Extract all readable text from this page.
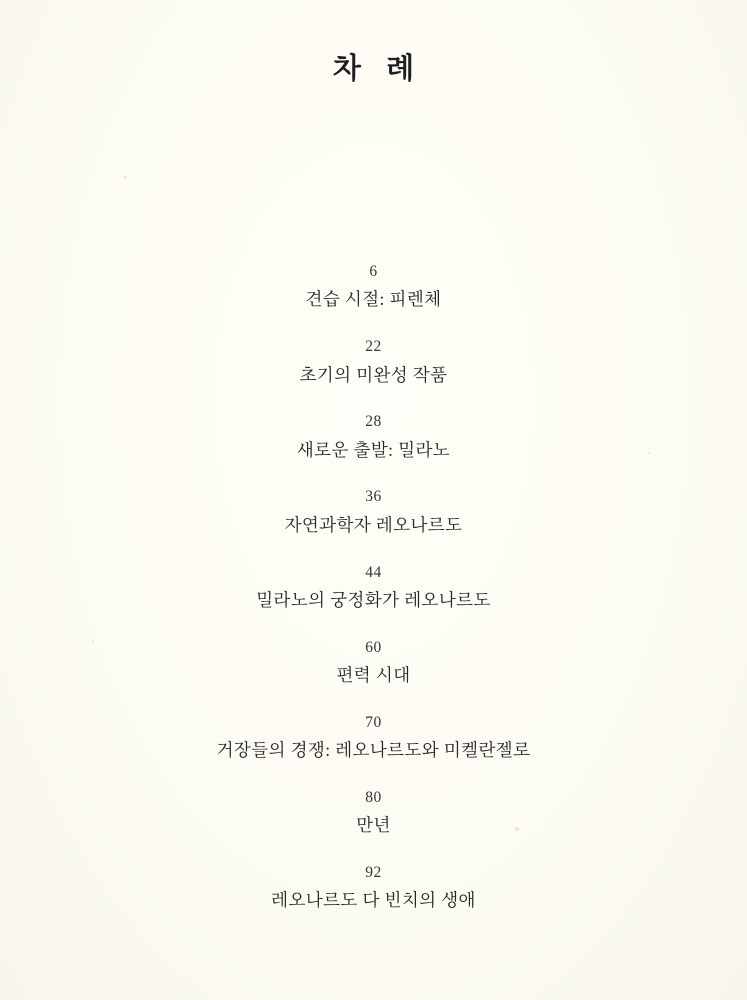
차 례
6
견습 시절: 피렌체
22
초기의 미완성 작품
28
새로운 출발: 밀라노
36
자연과학자 레오나르도
44
밀라노의 궁정화가 레오나르도
60
편력 시대
70
거장들의 경쟁: 레오나르도와 미켈란젤로
80
만년
92
레오나르도 다 빈치의 생애
